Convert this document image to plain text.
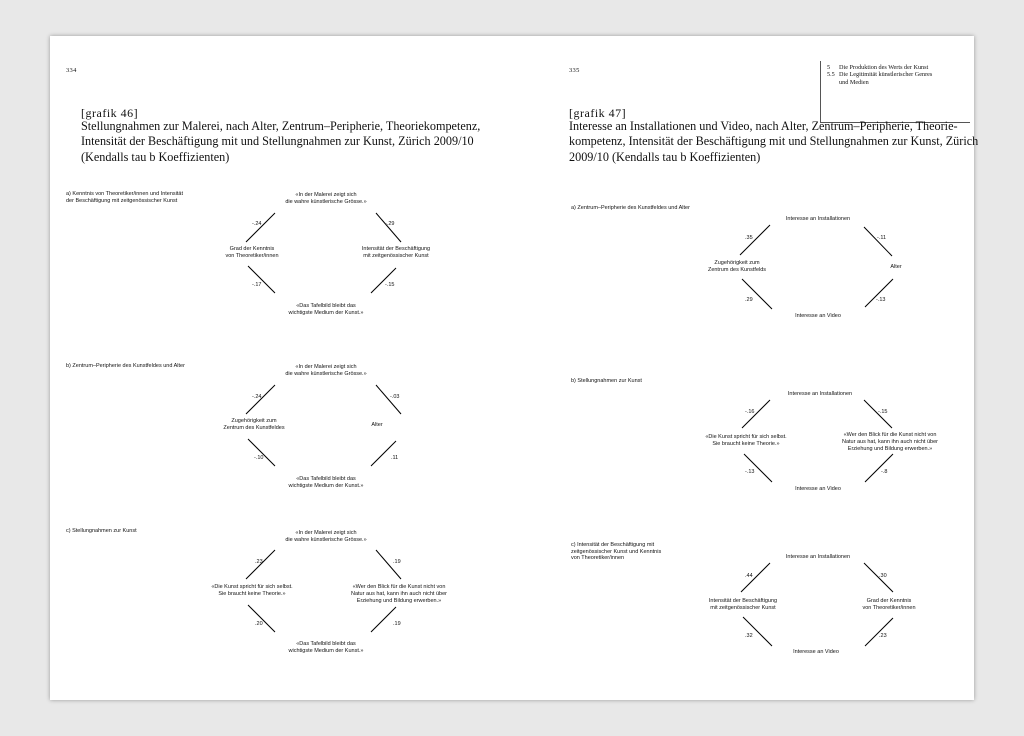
334
[grafik 46]
Stellungnahmen zur Malerei, nach Alter, Zentrum–Peripherie, Theoriekompetenz,
Intensität der Beschäftigung mit und Stellungnahmen zur Kunst, Zürich 2009/10
(Kendalls tau b Koeffizienten)
a) Kenntnis von Theoretiker/innen und Intensität
der Beschäftigung mit zeitgenössischer Kunst
b) Zentrum–Peripherie des Kunstfeldes und Alter
c) Stellungnahmen zur Kunst
335	5	Die Produktion des Werts der Kunst
5.5 Die Legitimität künstlerischer Genres
und Medien
[grafik 47]
Interesse an Installationen und Video, nach Alter, Zentrum–Peripherie, Theorie-
kompetenz, Intensität der Beschäftigung mit und Stellungnahmen zur Kunst, Zürich
2009/10 (Kendalls tau b Koeffizienten)
a) Zentrum–Peripherie des Kunstfeldes und Alter
b) Stellungnahmen zur Kunst
c) Intensität der Beschäftigung mit
zeitgenössischer Kunst und Kenntnis
von Theoretiker/innen
«In der Malerei zeigt sich
die wahre künstlerische Grösse.»
Grad der Kenntnis
von Theoretiker/innen
Intensität der Beschäftigung
mit zeitgenössischer Kunst
«Das Tafelbild bleibt das
wichtigste Medium der Kunst.»
-.24	-.29
-.17	-.15
«In der Malerei zeigt sich
die wahre künstlerische Grösse.»
Zugehörigkeit zum
Zentrum des Kunstfeldes	Alter
«Das Tafelbild bleibt das
wichtigste Medium der Kunst.»
-.24	-.03
-.10	.11
«In der Malerei zeigt sich
die wahre künstlerische Grösse.»
«Die Kunst spricht für sich selbst.
Sie braucht keine Theorie.»
«Wer den Blick für die Kunst nicht von
Natur aus hat, kann ihn auch nicht über
Erziehung und Bildung erwerben.»
«Das Tafelbild bleibt das
wichtigste Medium der Kunst.»
.23	.19
.20	.19
Interesse an Installationen
Zugehörigkeit zum
Zentrum des Kunstfelds	Alter
Interesse an Video
.35	-.11
.29	-.13
Interesse an Installationen
«Die Kunst spricht für sich selbst.
Sie braucht keine Theorie.»
«Wer den Blick für die Kunst nicht von
Natur aus hat, kann ihn auch nicht über
Erziehung und Bildung erwerben.»
Interesse an Video
-.16	-.15
-.13	-.8
Interesse an Installationen
Intensität der Beschäftigung
mit zeitgenössischer Kunst
Grad der Kenntnis
von Theoretiker/innen
Interesse an Video
.44	.30
.32	.23
